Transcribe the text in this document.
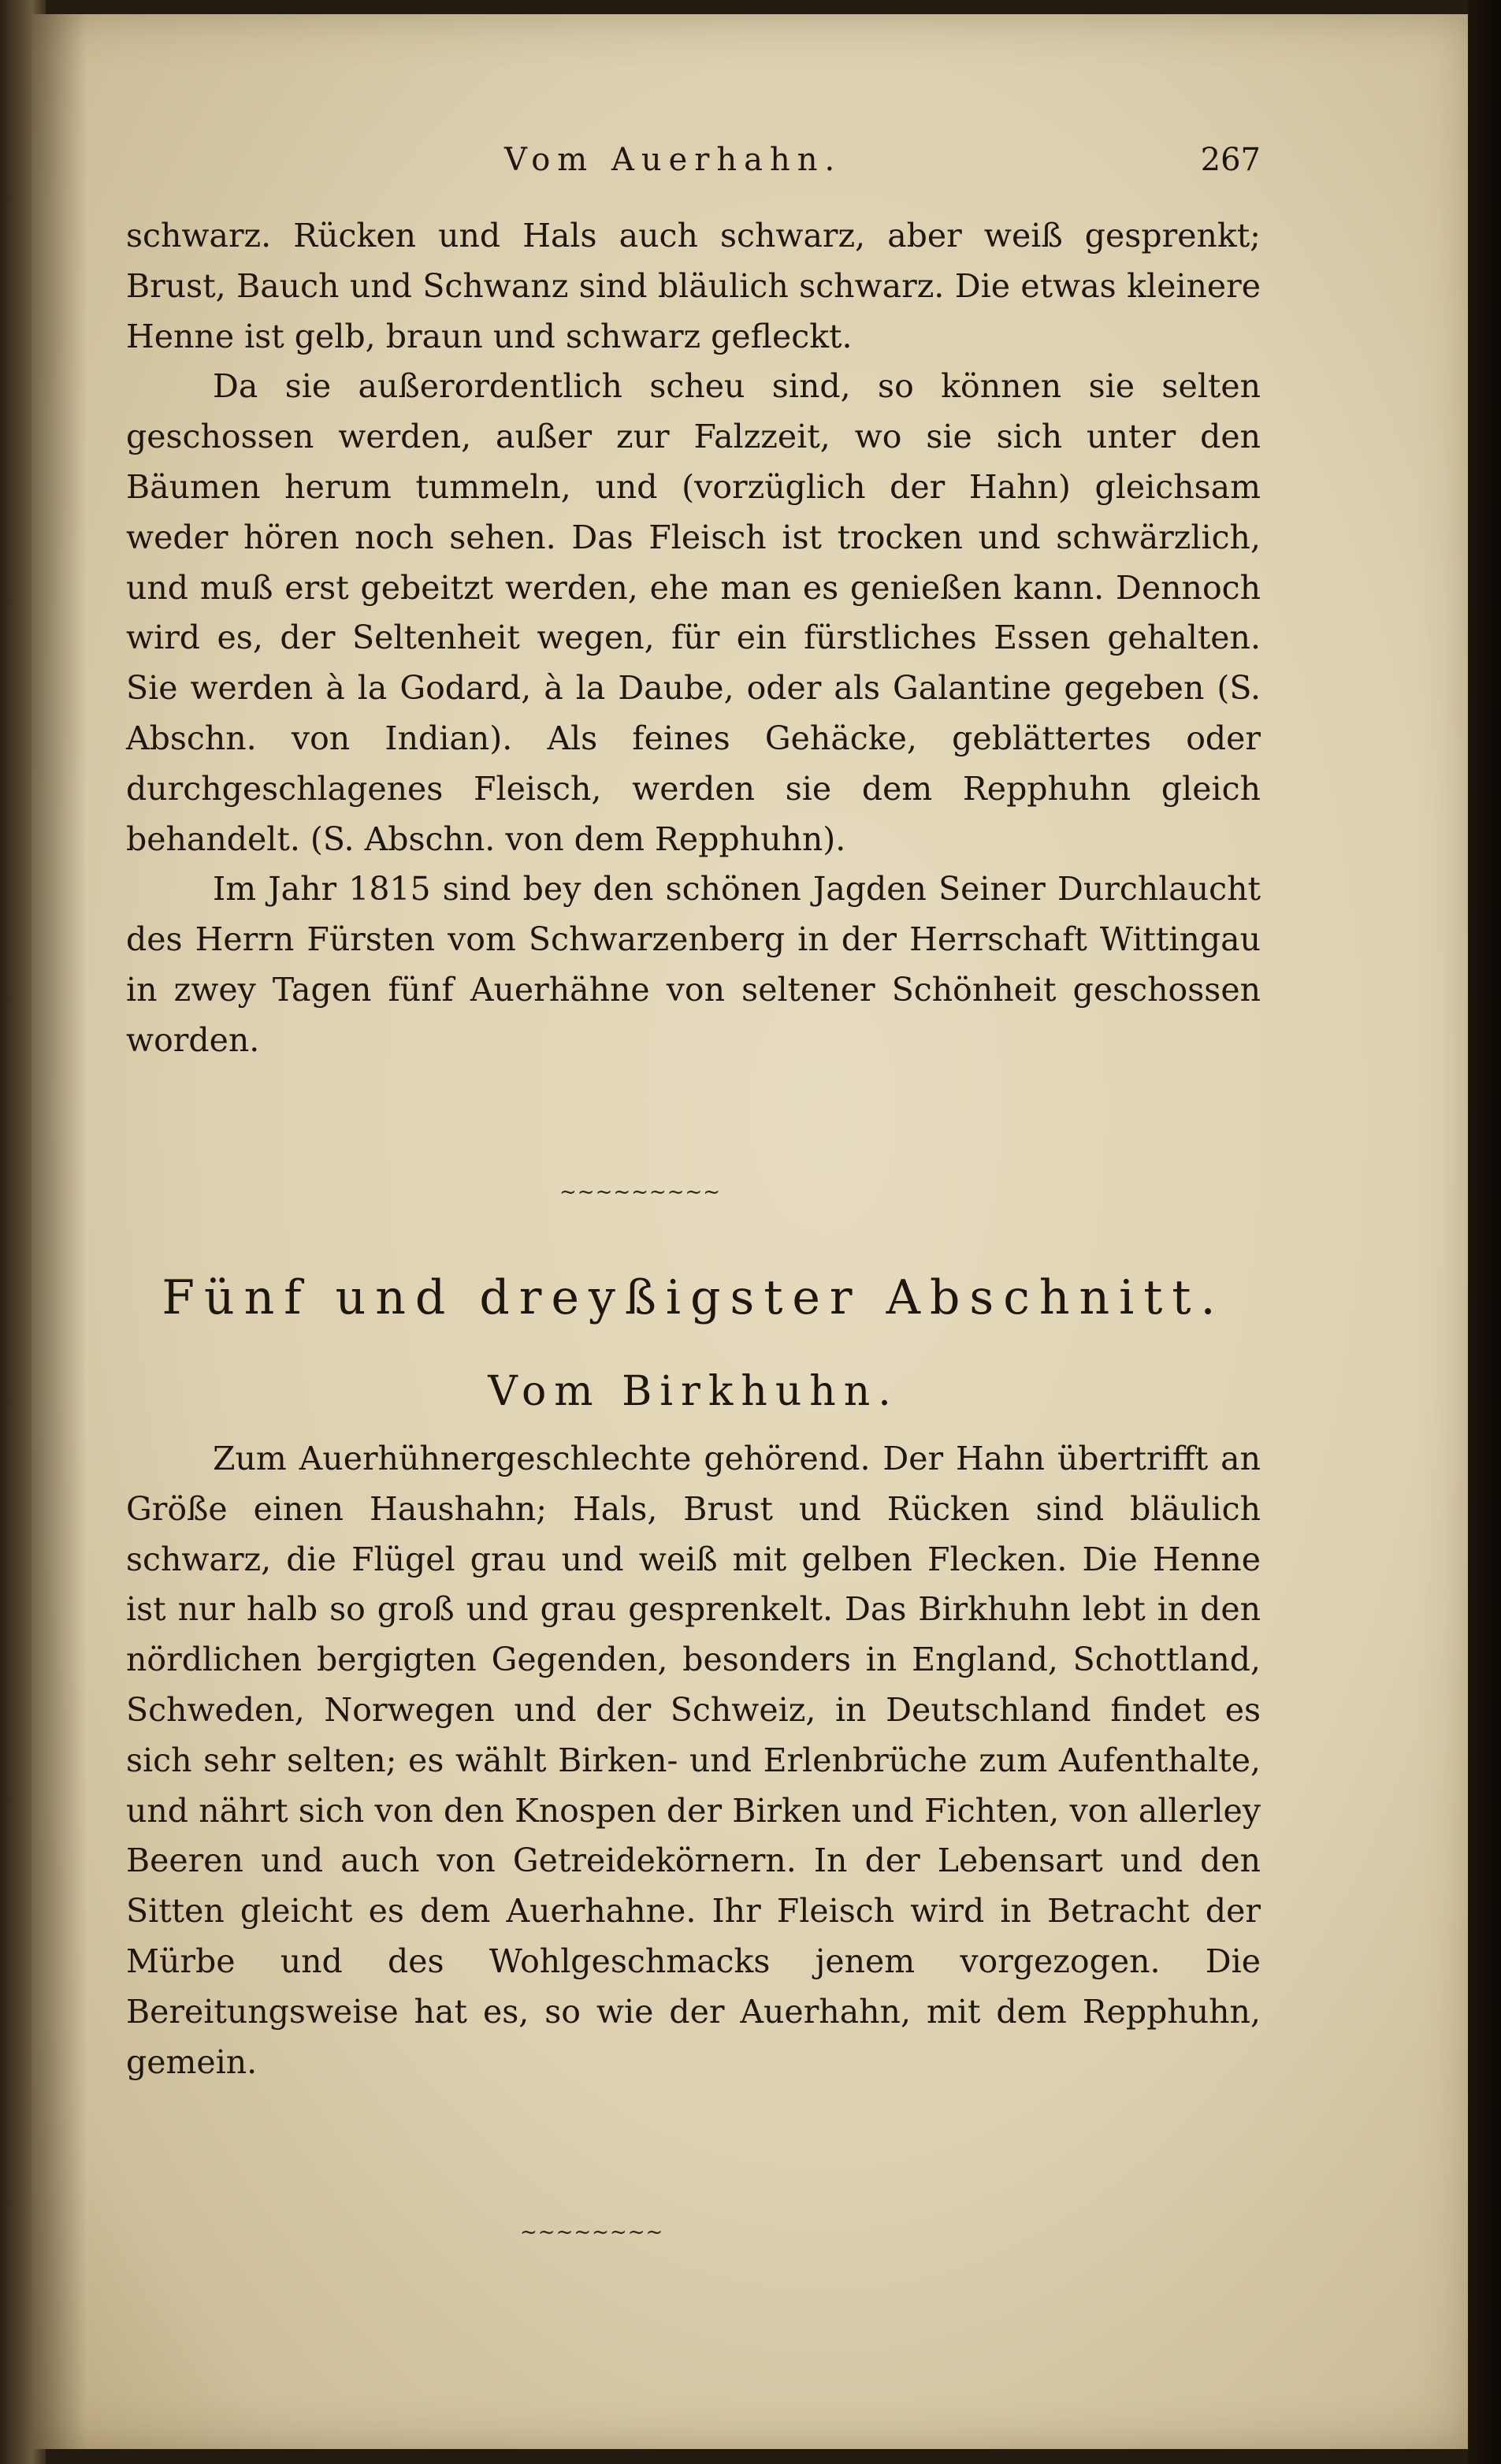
Vom Auerhahn.	267

schwarz. Rücken und Hals auch schwarz, aber weiß gesprenkt; Brust, Bauch und Schwanz sind bläulich schwarz. Die etwas kleinere Henne ist gelb, braun und schwarz gefleckt.

Da sie außerordentlich scheu sind, so können sie selten geschossen werden, außer zur Falzzeit, wo sie sich unter den Bäumen herum tummeln, und (vorzüglich der Hahn) gleichsam weder hören noch sehen. Das Fleisch ist trocken und schwärzlich, und muß erst gebeitzt werden, ehe man es genießen kann. Dennoch wird es, der Seltenheit wegen, für ein fürstliches Essen gehalten. Sie werden à la Godard, à la Daube, oder als Galantine gegeben (S. Abschn. von Indian). Als feines Gehäcke, geblättertes oder durchgeschlagenes Fleisch, werden sie dem Repphuhn gleich behandelt. (S. Abschn. von dem Repphuhn).

Im Jahr 1815 sind bey den schönen Jagden Seiner Durchlaucht des Herrn Fürsten vom Schwarzenberg in der Herrschaft Wittingau in zwey Tagen fünf Auerhähne von seltener Schönheit geschossen worden.

~~~~~~~~~
Fünf und dreyßigster Abschnitt.
Vom Birkhuhn.

Zum Auerhühnergeschlechte gehörend. Der Hahn übertrifft an Größe einen Haushahn; Hals, Brust und Rücken sind bläulich schwarz, die Flügel grau und weiß mit gelben Flecken. Die Henne ist nur halb so groß und grau gesprenkelt. Das Birkhuhn lebt in den nördlichen bergigten Gegenden, besonders in England, Schottland, Schweden, Norwegen und der Schweiz, in Deutschland findet es sich sehr selten; es wählt Birken- und Erlenbrüche zum Aufenthalte, und nährt sich von den Knospen der Birken und Fichten, von allerley Beeren und auch von Getreidekörnern. In der Lebensart und den Sitten gleicht es dem Auerhahne. Ihr Fleisch wird in Betracht der Mürbe und des Wohlgeschmacks jenem vorgezogen. Die Bereitungsweise hat es, so wie der Auerhahn, mit dem Repphuhn, gemein.

~~~~~~~~
